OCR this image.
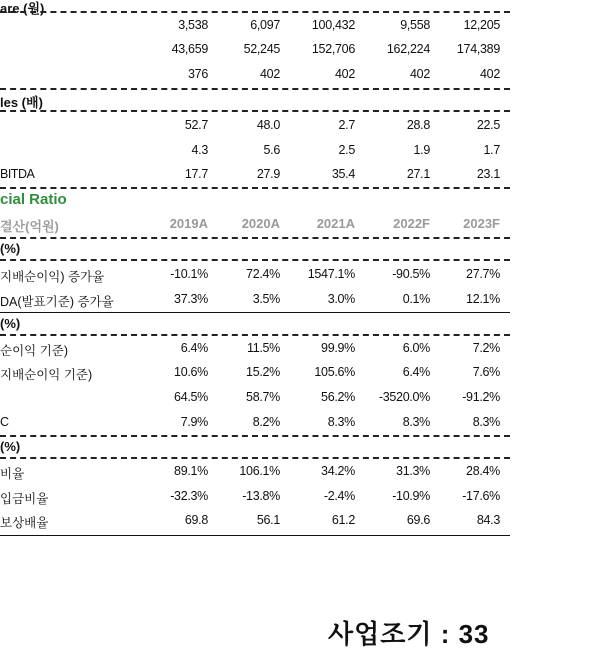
are (원)
3,538	6,097	100,432	9,558	12,205
43,659	52,245	152,706	162,224	174,389
376	402	402	402	402
les (배)
52.7	48.0	2.7	28.8	22.5
4.3	5.6	2.5	1.9	1.7
BITDA	17.7	27.9	35.4	27.1	23.1
cial Ratio
결산(억원)	2019A	2020A	2021A	2022F	2023F
(%)
지배순이익) 증가율	-10.1%	72.4%	1547.1%	-90.5%	27.7%
DA(발표기준) 증가율	37.3%	3.5%	3.0%	0.1%	12.1%
(%)
순이익 기준)	6.4%	11.5%	99.9%	6.0%	7.2%
지배순이익 기준)	10.6%	15.2%	105.6%	6.4%	7.6%
64.5%	58.7%	56.2%	-3520.0%	-91.2%
C	7.9%	8.2%	8.3%	8.3%	8.3%
(%)
비율	89.1%	106.1%	34.2%	31.3%	28.4%
입금비율	-32.3%	-13.8%	-2.4%	-10.9%	-17.6%
보상배율	69.8	56.1	61.2	69.6	84.3
사업조기 : 33
